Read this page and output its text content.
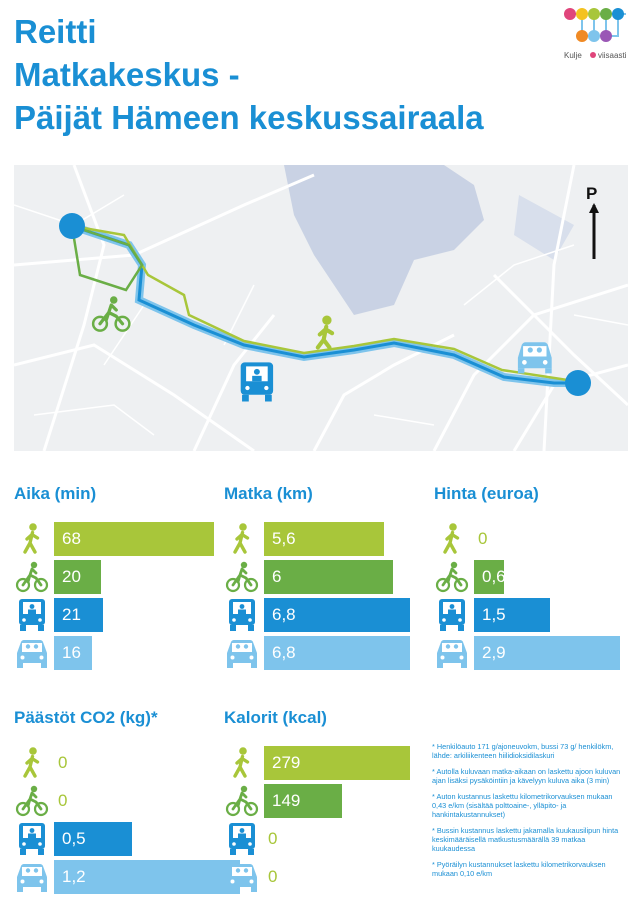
Reitti
Matkakeskus -
Päijät Hämeen keskussairaala
Kulje viisaasti
P
Aika (min)
68
20
21
16
Matka (km)
5,6
6
6,8
6,8
Hinta (euroa)
0
0,6
1,5
2,9
Päästöt CO2 (kg)*
0
0
0,5
1,2
Kalorit (kcal)
279
149
0
0

* Henkilöauto 171 g/ajoneuvokm, bussi 73 g/ henkilökm, lähde: arkiliikenteen hiilidioksidilaskuri

* Autolla kuluvaan matka-aikaan on laskettu ajoon kuluvan ajan lisäksi pysäköintiin ja kävelyyn kuluva aika (3 min)

* Auton kustannus laskettu kilometrikorvauksen mukaan 0,43 e/km (sisältää polttoaine-, ylläpito- ja hankintakustannukset)

* Bussin kustannus laskettu jakamalla kuukausilipun hinta keskimääräisellä matkustusmäärällä 39 matkaa kuukaudessa

* Pyöräilyn kustannukset laskettu kilometrikorvauksen mukaan 0,10 e/km
